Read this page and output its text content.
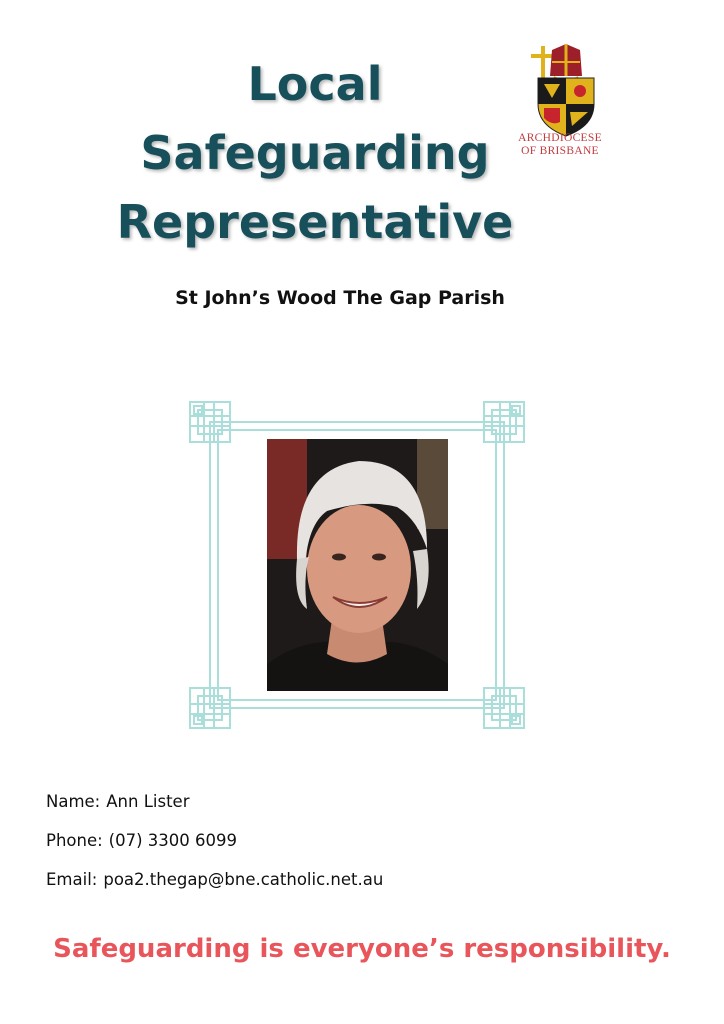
Local
Safeguarding
Representative
ARCHDIOCESE
OF BRISBANE
St John’s Wood The Gap Parish
Name: Ann Lister
Phone: (07) 3300 6099
Email: poa2.thegap@bne.catholic.net.au
Safeguarding is everyone’s responsibility.
